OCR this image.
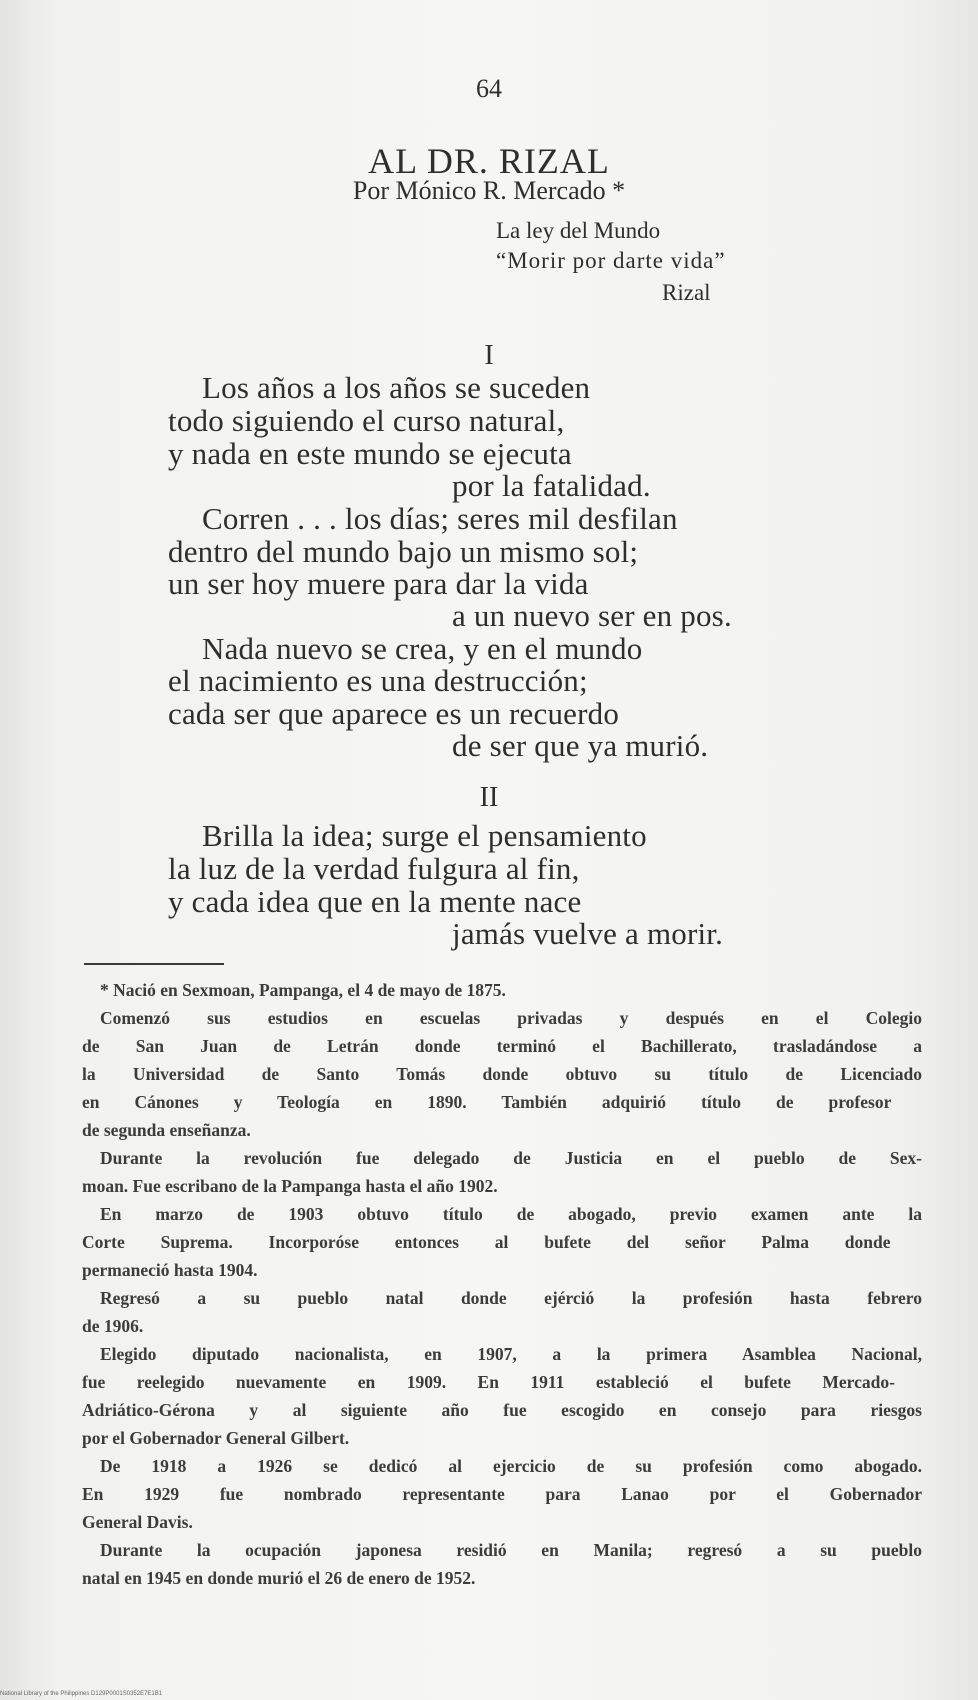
64
AL DR. RIZAL
Por Mónico R. Mercado *
La ley del Mundo
“Morir por darte vida”
Rizal
I
Los años a los años se suceden
todo siguiendo el curso natural,
y nada en este mundo se ejecuta
por la fatalidad.
Corren . . . los días; seres mil desfilan
dentro del mundo bajo un mismo sol;
un ser hoy muere para dar la vida
a un nuevo ser en pos.
Nada nuevo se crea, y en el mundo
el nacimiento es una destrucción;
cada ser que aparece es un recuerdo
de ser que ya murió.
II
Brilla la idea; surge el pensamiento
la luz de la verdad fulgura al fin,
y cada idea que en la mente nace
jamás vuelve a morir.
* Nació en Sexmoan, Pampanga, el 4 de mayo de 1875.
Comenzó sus estudios en escuelas privadas y después en el Colegio
de San Juan de Letrán donde terminó el Bachillerato, trasladándose a
la Universidad de Santo Tomás donde obtuvo su título de Licenciado
en Cánones y Teología en 1890. También adquirió título de profesor
de segunda enseñanza.
Durante la revolución fue delegado de Justicia en el pueblo de Sex-
moan. Fue escribano de la Pampanga hasta el año 1902.
En marzo de 1903 obtuvo título de abogado, previo examen ante la
Corte Suprema. Incorporóse entonces al bufete del señor Palma donde
permaneció hasta 1904.
Regresó a su pueblo natal donde ejérció la profesión hasta febrero
de 1906.
Elegido diputado nacionalista, en 1907, a la primera Asamblea Nacional,
fue reelegido nuevamente en 1909. En 1911 estableció el bufete Mercado-
Adriático-Gérona y al siguiente año fue escogido en consejo para riesgos
por el Gobernador General Gilbert.
De 1918 a 1926 se dedicó al ejercicio de su profesión como abogado.
En 1929 fue nombrado representante para Lanao por el Gobernador
General Davis.
Durante la ocupación japonesa residió en Manila; regresó a su pueblo
natal en 1945 en donde murió el 26 de enero de 1952.
National Library of the Philippines D129P0001S0352E7E1B1
